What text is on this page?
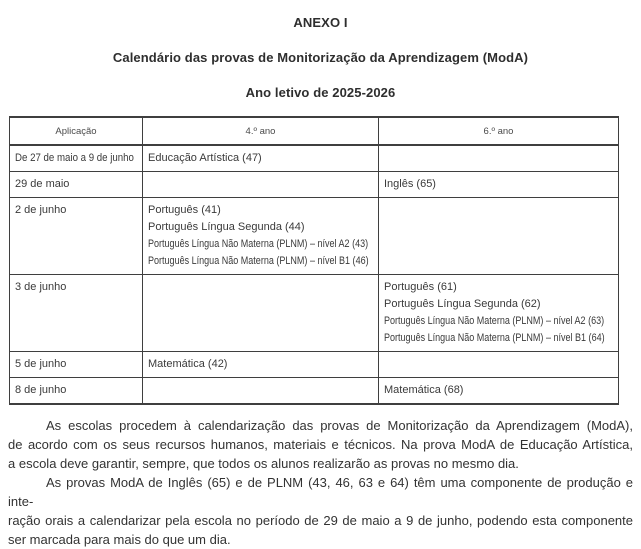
ANEXO I
Calendário das provas de Monitorização da Aprendizagem (ModA)
Ano letivo de 2025-2026
Aplicação	4.º ano	6.º ano
De 27 de maio a 9 de junho	Educação Artística (47)	

29 de maio		Inglês (65)

2 de junho	Português (41)
Português Língua Segunda (44)
Português Língua Não Materna (PLNM) – nível A2 (43)
Português Língua Não Materna (PLNM) – nível B1 (46)	

3 de junho		Português (61)
Português Língua Segunda (62)
Português Língua Não Materna (PLNM) – nível A2 (63)
Português Língua Não Materna (PLNM) – nível B1 (64)

5 de junho	Matemática (42)	

8 de junho		Matemática (68)
As escolas procedem à calendarização das provas de Monitorização da Aprendizagem (ModA),
de acordo com os seus recursos humanos, materiais e técnicos. Na prova ModA de Educação Artística,
a escola deve garantir, sempre, que todos os alunos realizarão as provas no mesmo dia.
As provas ModA de Inglês (65) e de PLNM (43, 46, 63 e 64) têm uma componente de produção e inte-
ração orais a calendarizar pela escola no período de 29 de maio a 9 de junho, podendo esta componente
ser marcada para mais do que um dia.
